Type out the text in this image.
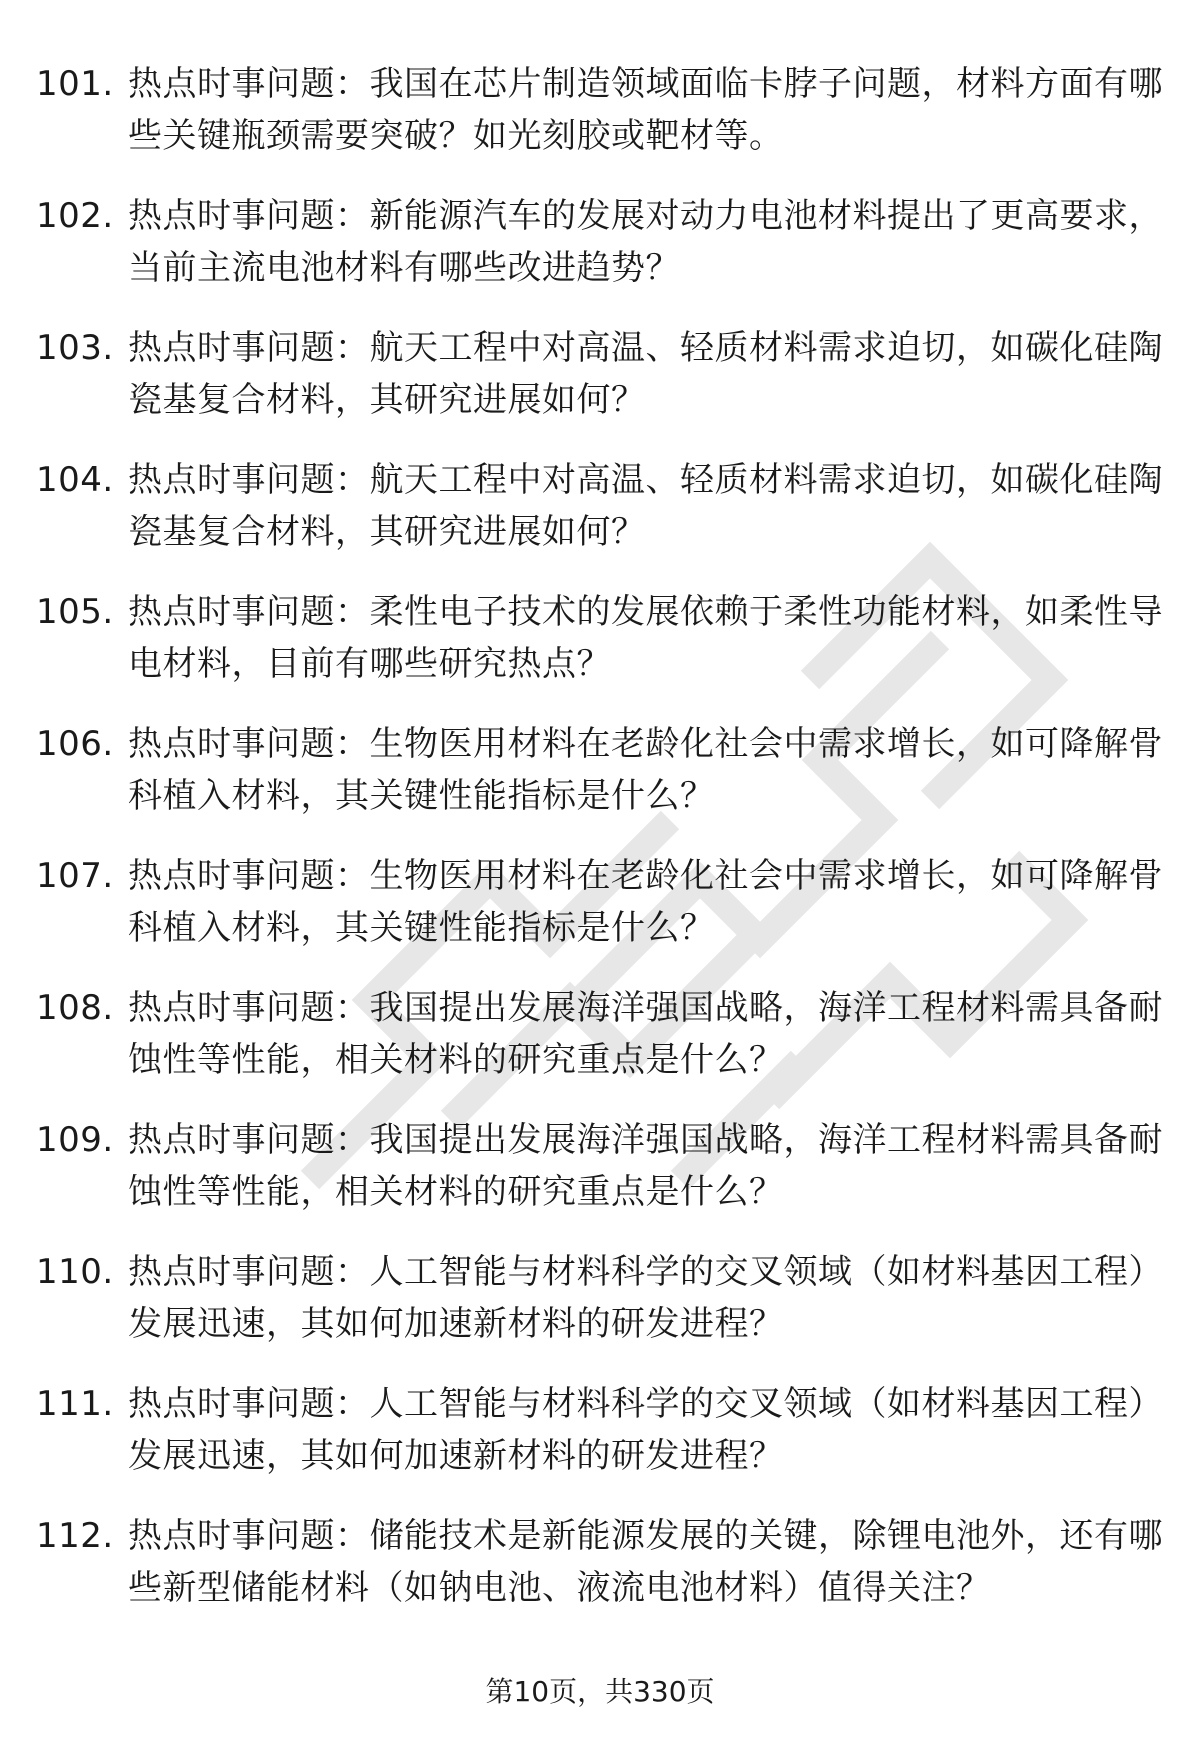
101. 热点时事问题：我国在芯片制造领域面临卡脖子问题，材料方面有哪些关键瓶颈需要突破？如光刻胶或靶材等。
102. 热点时事问题：新能源汽车的发展对动力电池材料提出了更高要求，当前主流电池材料有哪些改进趋势？
103. 热点时事问题：航天工程中对高温、轻质材料需求迫切，如碳化硅陶瓷基复合材料，其研究进展如何？
104. 热点时事问题：航天工程中对高温、轻质材料需求迫切，如碳化硅陶瓷基复合材料，其研究进展如何？
105. 热点时事问题：柔性电子技术的发展依赖于柔性功能材料，如柔性导电材料，目前有哪些研究热点？
106. 热点时事问题：生物医用材料在老龄化社会中需求增长，如可降解骨科植入材料，其关键性能指标是什么？
107. 热点时事问题：生物医用材料在老龄化社会中需求增长，如可降解骨科植入材料，其关键性能指标是什么？
108. 热点时事问题：我国提出发展海洋强国战略，海洋工程材料需具备耐蚀性等性能，相关材料的研究重点是什么？
109. 热点时事问题：我国提出发展海洋强国战略，海洋工程材料需具备耐蚀性等性能，相关材料的研究重点是什么？
110. 热点时事问题：人工智能与材料科学的交叉领域（如材料基因工程）发展迅速，其如何加速新材料的研发进程？
111. 热点时事问题：人工智能与材料科学的交叉领域（如材料基因工程）发展迅速，其如何加速新材料的研发进程？
112. 热点时事问题：储能技术是新能源发展的关键，除锂电池外，还有哪些新型储能材料（如钠电池、液流电池材料）值得关注？
第10页，共330页
